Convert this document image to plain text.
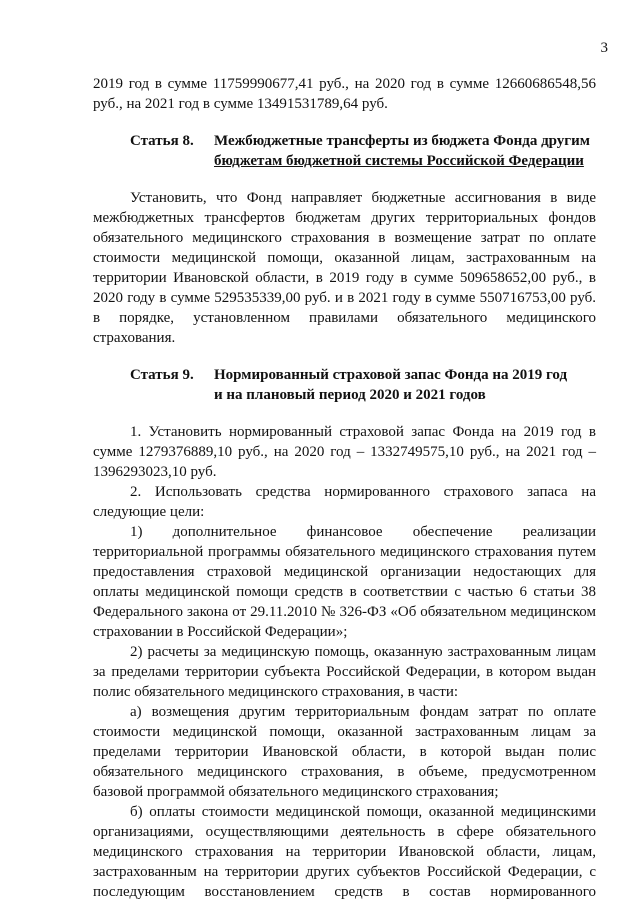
3

2019 год в сумме 11759990677,41 руб., на 2020 год в сумме 12660686548,56 руб., на 2021 год в сумме 13491531789,64 руб.

Статья 8.	Межбюджетные трансферты из бюджета Фонда другим
бюджетам бюджетной системы Российской Федерации

Установить, что Фонд направляет бюджетные ассигнования в виде межбюджетных трансфертов бюджетам других территориальных фондов обязательного медицинского страхования в возмещение затрат по оплате стоимости медицинской помощи, оказанной лицам, застрахованным на территории Ивановской области, в 2019 году в сумме 509658652,00 руб., в 2020 году в сумме 529535339,00 руб. и в 2021 году в сумме 550716753,00 руб. в порядке, установленном правилами обязательного медицинского страхования.

Статья 9.	Нормированный страховой запас Фонда на 2019 год
и на плановый период 2020 и 2021 годов

1. Установить нормированный страховой запас Фонда на 2019 год в сумме 1279376889,10 руб., на 2020 год – 1332749575,10 руб., на 2021 год – 1396293023,10 руб.

2. Использовать средства нормированного страхового запаса на следующие цели:

1) дополнительное финансовое обеспечение реализации территориальной программы обязательного медицинского страхования путем предоставления страховой медицинской организации недостающих для оплаты медицинской помощи средств в соответствии с частью 6 статьи 38 Федерального закона от 29.11.2010 № 326-ФЗ «Об обязательном медицинском страховании в Российской Федерации»;

2) расчеты за медицинскую помощь, оказанную застрахованным лицам за пределами территории субъекта Российской Федерации, в котором выдан полис обязательного медицинского страхования, в части:

а) возмещения другим территориальным фондам затрат по оплате стоимости медицинской помощи, оказанной застрахованным лицам за пределами территории Ивановской области, в которой выдан полис обязательного медицинского страхования, в объеме, предусмотренном базовой программой обязательного медицинского страхования;

б) оплаты стоимости медицинской помощи, оказанной медицинскими организациями, осуществляющими деятельность в сфере обязательного медицинского страхования на территории Ивановской области, лицам, застрахованным на территории других субъектов Российской Федерации, с последующим восстановлением средств в состав нормированного
